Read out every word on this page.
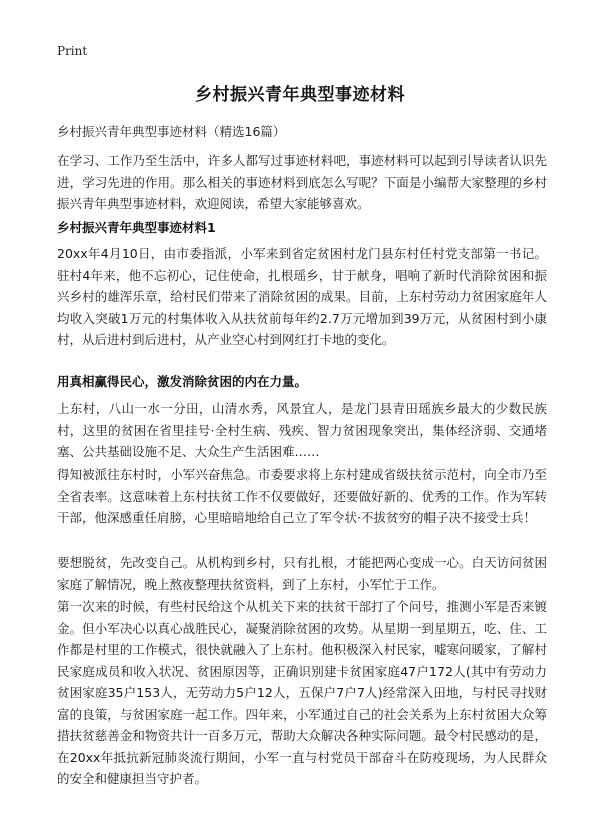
Print
乡村振兴青年典型事迹材料
乡村振兴青年典型事迹材料（精选16篇）

在学习、工作乃至生活中，许多人都写过事迹材料吧，事迹材料可以起到引导读者认识先进，学习先进的作用。那么相关的事迹材料到底怎么写呢？下面是小编帮大家整理的乡村振兴青年典型事迹材料，欢迎阅读，希望大家能够喜欢。

乡村振兴青年典型事迹材料1

20xx年4月10日，由市委指派，小军来到省定贫困村龙门县东村任村党支部第一书记。驻村4年来，他不忘初心，记住使命，扎根瑶乡，甘于献身，唱响了新时代消除贫困和振兴乡村的雄浑乐章，给村民们带来了消除贫困的成果。目前，上东村劳动力贫困家庭年人均收入突破1万元的村集体收入从扶贫前每年约2.7万元增加到39万元，从贫困村到小康村，从后进村到后进村，从产业空心村到网红打卡地的变化。

用真相赢得民心，激发消除贫困的内在力量。

上东村，八山一水一分田，山清水秀，风景宜人，是龙门县青田瑶族乡最大的少数民族村，这里的贫困在省里挂号·全村生病、残疾、智力贫困现象突出，集体经济弱、交通堵塞、公共基础设施不足、大众生产生活困难……

得知被派往东村时，小军兴奋焦急。市委要求将上东村建成省级扶贫示范村，向全市乃至全省表率。这意味着上东村扶贫工作不仅要做好，还要做好新的、优秀的工作。作为军转干部，他深感重任肩膀，心里暗暗地给自己立了军令状·不拔贫穷的帽子决不接受士兵！

要想脱贫，先改变自己。从机构到乡村，只有扎根，才能把两心变成一心。白天访问贫困家庭了解情况，晚上熬夜整理扶贫资料，到了上东村，小军忙于工作。

第一次来的时候，有些村民给这个从机关下来的扶贫干部打了个问号，推测小军是否来镀金。但小军决心以真心战胜民心，凝聚消除贫困的攻势。从星期一到星期五，吃、住、工作都是村里的工作模式，很快就融入了上东村。他积极深入村民家，嘘寒问暖家，了解村民家庭成员和收入状况、贫困原因等，正确识别建卡贫困家庭47户172人(其中有劳动力贫困家庭35户153人，无劳动力5户12人，五保户7户7人)经常深入田地，与村民寻找财富的良策，与贫困家庭一起工作。四年来，小军通过自己的社会关系为上东村贫困大众筹措扶贫慈善金和物资共计一百多万元，帮助大众解决各种实际问题。最令村民感动的是，在20xx年抵抗新冠肺炎流行期间，小军一直与村党员干部奋斗在防疫现场，为人民群众的安全和健康担当守护者。
